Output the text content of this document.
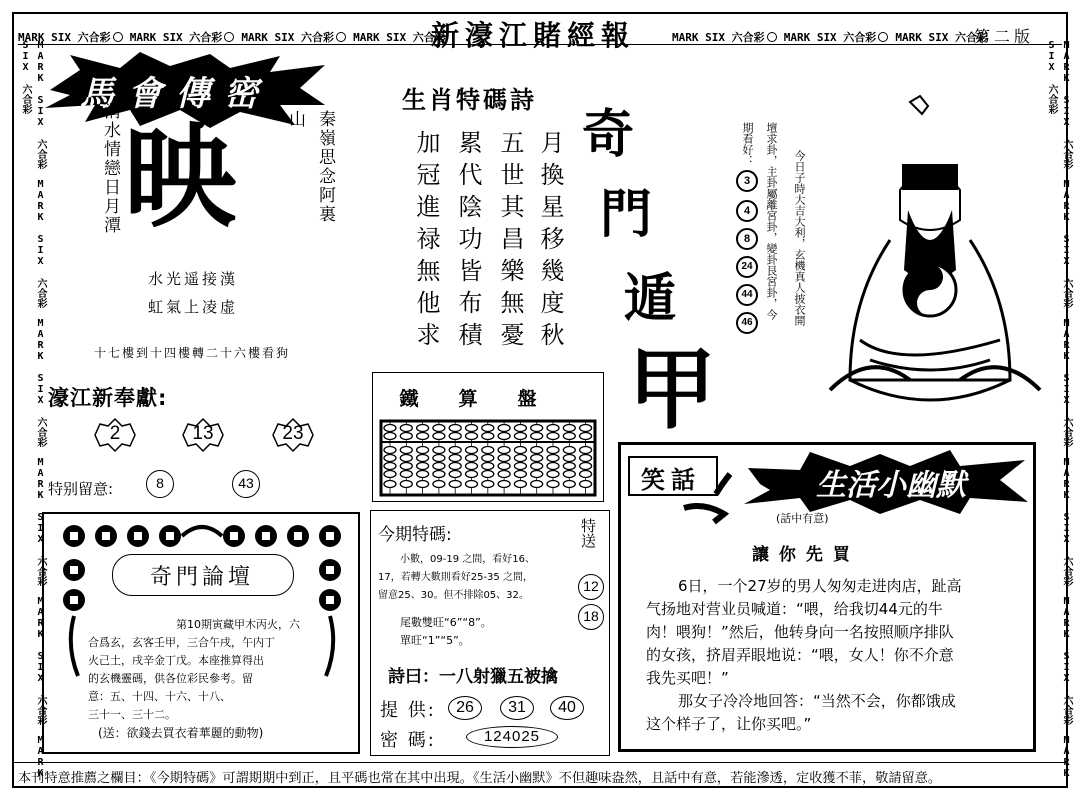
MARK SIX 六合彩 MARK SIX 六合彩 MARK SIX 六合彩 MARK SIX 六合彩
新濠江賭經報	MARK SIX 六合彩 MARK SIX 六合彩 MARK SIX 六合彩
第二版
MARK SIX 六合彩　MARK SIX 六合彩　MARK SIX 六合彩　MARK SIX 六合彩　MARK SIX 六合彩　MARK SIX 六合彩	MARK SIX 六合彩　MARK SIX 六合彩　MARK SIX 六合彩　MARK SIX 六合彩　MARK SIX 六合彩　MARK SIX 六合彩
馬會傳密
渭水情戀日月潭 映	秦嶺思念阿裏山
水光遥接漢
虹氣上凌虚
十七樓到十四樓轉二十六樓看狗
濠江新奉獻:
2	13	23
特别留意:	8	43
生肖特碼詩
月換星移幾度秋
五世其昌樂無憂
累代陰功皆布積
加冠進禄無他求	奇
門
遁
甲
今日子時大吉大利，玄機真人披衣開
壇求卦，主卦屬離宮卦，變卦艮宮卦，今
期看好：
3
4
8
24
44
46
鐵算盤
奇門論壇
第10期寅藏甲木丙火，六
合爲玄，玄客壬甲，三合午戌，午内丁
火己土，戌辛金丁戊。本座推算得出
的玄機靈碼，供各位彩民參考。留
意：五、十四、十六、十八、
三十一、三十二。
(送：欲錢去買衣着華麗的動物)
今期特碼:	特送
12
18
小數，09-19 之間，看好16、
17，若轉大數則看好25-35 之間，
留意25、30。但不排除05、32。
尾數雙旺“6”“8”。
單旺“1”“5”。
詩曰：一八射獵五被擒
提 供:	26	31	40
密 碼:	124025
笑話	生活小幽默
(話中有意)
讓 你 先 買
6日，一个27岁的男人匆匆走进肉店，趾高
气扬地对营业员喊道：“喂，给我切44元的牛
肉！喂狗！”然后，他转身向一名按照顺序排队
的女孩，挤眉弄眼地说：“喂，女人！你不介意
我先买吧！”
那女子冷冷地回答：“当然不会，你都饿成
本刊特意推薦之欄目：《今期特碼》可謂期期中到正，且平碼也常在其中出現。《生活小幽默》不但趣味盎然，且話中有意，若能滲透，定收獲不菲，敬請留意。
这个样子了，让你买吧。”
